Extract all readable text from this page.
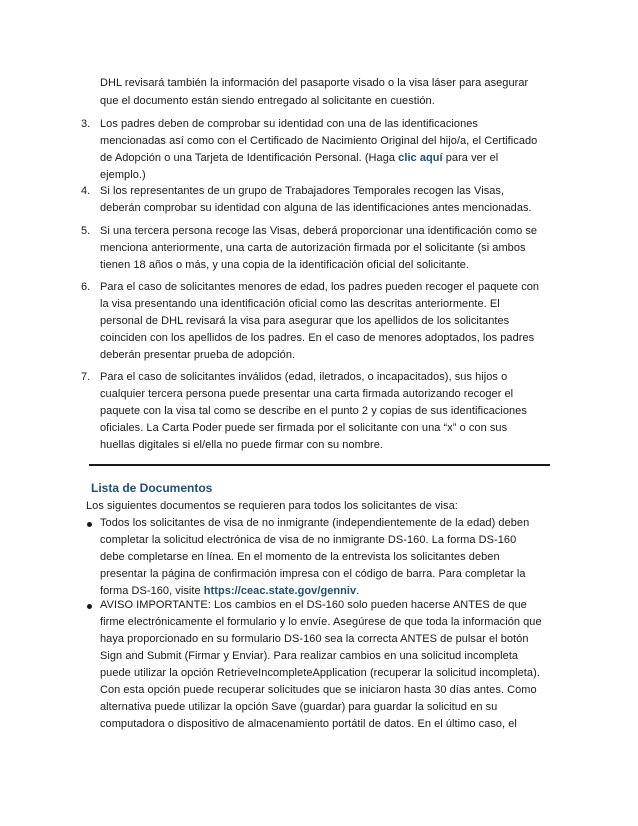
DHL revisará también la información del pasaporte visado o la visa láser para asegurar
que el documento están siendo entregado al solicitante en cuestión.
3. Los padres deben de comprobar su identidad con una de las identificaciones
mencionadas así como con el Certificado de Nacimiento Original del hijo/a, el Certificado
de Adopción o una Tarjeta de Identificación Personal. (Haga clic aquí para ver el
ejemplo.)
4. Si los representantes de un grupo de Trabajadores Temporales recogen las Visas,
deberán comprobar su identidad con alguna de las identificaciones antes mencionadas.
5. Si una tercera persona recoge las Visas, deberá proporcionar una identificación como se
menciona anteriormente, una carta de autorización firmada por el solicitante (si ambos
tienen 18 años o más, y una copia de la identificación oficial del solicitante.
6. Para el caso de solicitantes menores de edad, los padres pueden recoger el paquete con
la visa presentando una identificación oficial como las descritas anteriormente. El
personal de DHL revisará la visa para asegurar que los apellidos de los solicitantes
coinciden con los apellidos de los padres. En el caso de menores adoptados, los padres
deberán presentar prueba de adopción.
7. Para el caso de solicitantes inválidos (edad, iletrados, o incapacitados), sus hijos o
cualquier tercera persona puede presentar una carta firmada autorizando recoger el
paquete con la visa tal como se describe en el punto 2 y copias de sus identificaciones
oficiales. La Carta Poder puede ser firmada por el solicitante con una “x” o con sus
huellas digitales si el/ella no puede firmar con su nombre.
Lista de Documentos
Los siguientes documentos se requieren para todos los solicitantes de visa:
Todos los solicitantes de visa de no inmigrante (independientemente de la edad) deben
completar la solicitud electrónica de visa de no inmigrante DS-160. La forma DS-160
debe completarse en línea. En el momento de la entrevista los solicitantes deben
presentar la página de confirmación impresa con el código de barra. Para completar la
forma DS-160, visite https://ceac.state.gov/genniv.
AVISO IMPORTANTE: Los cambios en el DS-160 solo pueden hacerse ANTES de que
firme electrónicamente el formulario y lo envíe. Asegúrese de que toda la información que
haya proporcionado en su formulario DS-160 sea la correcta ANTES de pulsar el botón
Sign and Submit (Firmar y Enviar). Para realizar cambios en una solicitud incompleta
puede utilizar la opción RetrieveIncompleteApplication (recuperar la solicitud incompleta).
Con esta opción puede recuperar solicitudes que se iniciaron hasta 30 días antes. Como
alternativa puede utilizar la opción Save (guardar) para guardar la solicitud en su
computadora o dispositivo de almacenamiento portátil de datos. En el último caso, el
